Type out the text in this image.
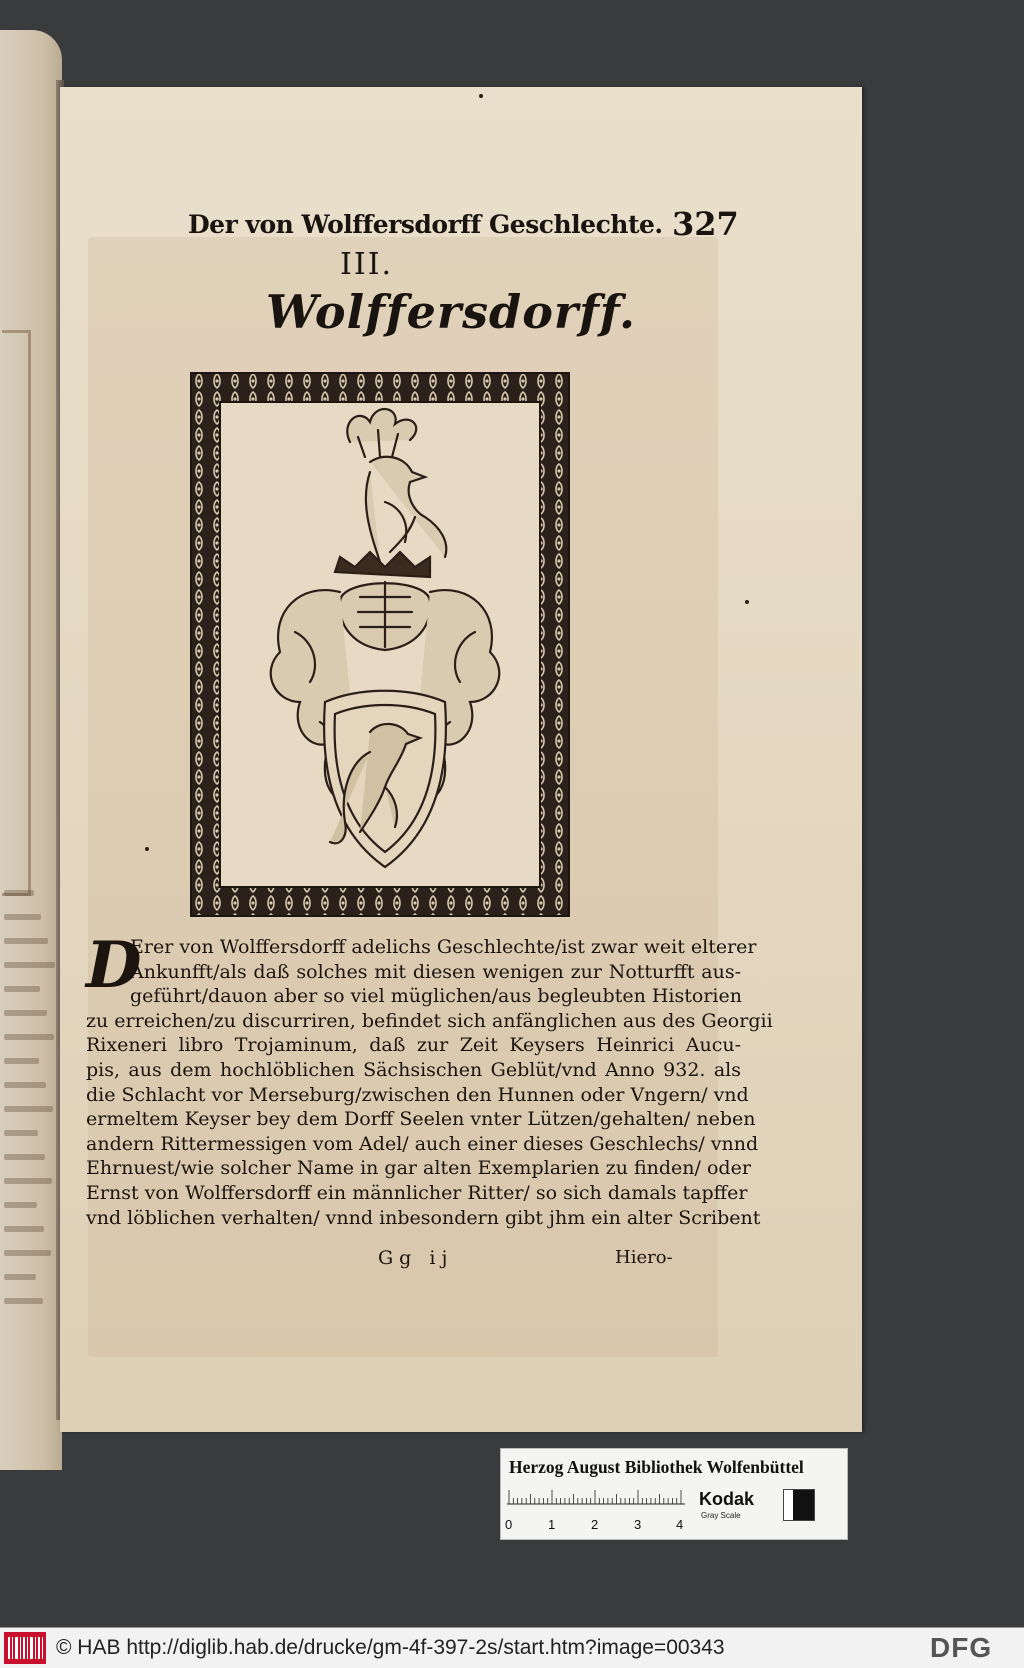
Der von Wolffersdorff Geschlechte. 327
III.
Wolffersdorff.
D
Erer von Wolffersdorff adelichs Geschlechte/ist zwar weit elterer
Ankunfft/als daß solches mit diesen wenigen zur Notturfft aus-
geführt/dauon aber so viel müglichen/aus begleubten Historien
zu erreichen/zu discurriren, befindet sich anfänglichen aus des Georgii
Rixeneri libro Trojaminum, daß zur Zeit Keysers Heinrici Aucu-
pis, aus dem hochlöblichen Sächsischen Geblüt/vnd Anno 932. als
die Schlacht vor Merseburg/zwischen den Hunnen oder Vngern/ vnd
ermeltem Keyser bey dem Dorff Seelen vnter Lützen/gehalten/ neben
andern Rittermessigen vom Adel/ auch einer dieses Geschlechs/ vnnd
Ehrnuest/wie solcher Name in gar alten Exemplarien zu finden/ oder
Ernst von Wolffersdorff ein männlicher Ritter/ so sich damals tapffer
vnd löblichen verhalten/ vnnd inbesondern gibt jhm ein alter Scribent
Gg ij	Hiero-
Herzog August Bibliothek Wolfenbüttel
0	1	2	3	4
Kodak
Gray Scale
© HAB http://diglib.hab.de/drucke/gm-4f-397-2s/start.htm?image=00343	DFG
